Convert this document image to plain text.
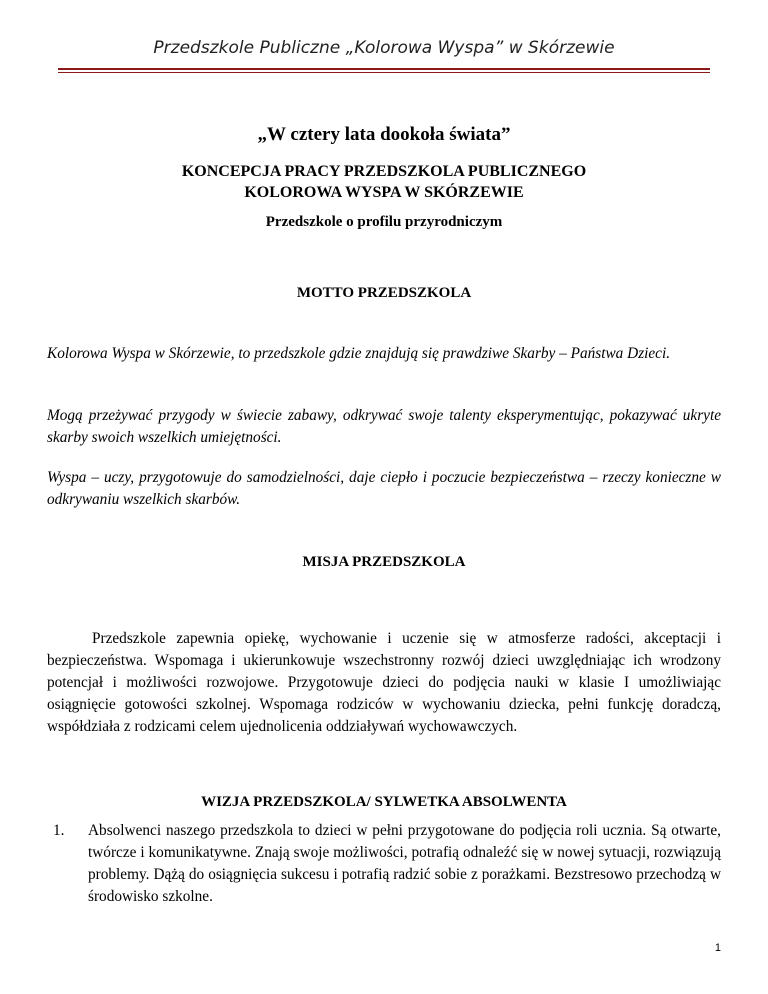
Przedszkole Publiczne „Kolorowa Wyspa” w Skórzewie
„W cztery lata dookoła świata”
KONCEPCJA PRACY PRZEDSZKOLA PUBLICZNEGO
KOLOROWA WYSPA W SKÓRZEWIE
Przedszkole o profilu przyrodniczym
MOTTO PRZEDSZKOLA
Kolorowa Wyspa w Skórzewie, to przedszkole gdzie znajdują się prawdziwe Skarby – Państwa Dzieci.
Mogą przeżywać przygody w świecie zabawy, odkrywać swoje talenty eksperymentując, pokazywać ukryte skarby swoich wszelkich umiejętności.
Wyspa – uczy, przygotowuje do samodzielności, daje ciepło i poczucie bezpieczeństwa – rzeczy konieczne w odkrywaniu wszelkich skarbów.
MISJA PRZEDSZKOLA
Przedszkole zapewnia opiekę, wychowanie i uczenie się w atmosferze radości, akceptacji i bezpieczeństwa. Wspomaga i ukierunkowuje wszechstronny rozwój dzieci uwzględniając ich wrodzony potencjał i możliwości rozwojowe. Przygotowuje dzieci do podjęcia nauki w klasie I umożliwiając osiągnięcie gotowości szkolnej. Wspomaga rodziców w wychowaniu dziecka, pełni funkcję doradczą, współdziała z rodzicami celem ujednolicenia oddziaływań wychowawczych.
WIZJA PRZEDSZKOLA/ SYLWETKA ABSOLWENTA
1. Absolwenci naszego przedszkola to dzieci w pełni przygotowane do podjęcia roli ucznia. Są otwarte, twórcze i komunikatywne. Znają swoje możliwości, potrafią odnaleźć się w nowej sytuacji, rozwiązują problemy. Dążą do osiągnięcia sukcesu i potrafią radzić sobie z porażkami. Bezstresowo przechodzą w środowisko szkolne.
1
